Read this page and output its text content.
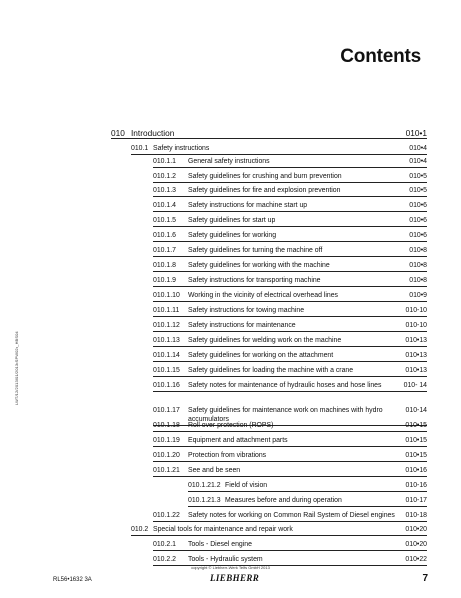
Contents
010 Introduction	010•1
010.1 Safety instructions	010•4
010.1.1 General safety instructions	010•4
010.1.2 Safety guidelines for crushing and burn prevention	010•5
010.1.3 Safety guidelines for fire and explosion prevention	010•5
010.1.4 Safety instructions for machine start up	010•6
010.1.5 Safety guidelines for start up	010•6
010.1.6 Safety guidelines for working	010•6
010.1.7 Safety guidelines for turning the machine off	010•8
010.1.8 Safety guidelines for working with the machine	010•8
010.1.9 Safety instructions for transporting machine	010•8
010.1.10 Working in the vicinity of electrical overhead lines	010•9
010.1.11 Safety instructions for towing machine	010-10
010.1.12 Safety instructions for maintenance	010-10
010.1.13 Safety guidelines for welding work on the machine	010•13
010.1.14 Safety guidelines for working on the attachment	010•13
010.1.15 Safety guidelines for loading the machine with a crane	010•13
010.1.16 Safety notes for maintenance of hydraulic hoses and hose lines	010- 14
010.1.17 Safety guidelines for maintenance work on machines with hydro	010-14
accumulators
010.1.18 Roll over protection (ROPS)	010•15
010.1.19 Equipment and attachment parts	010•15
010.1.20 Protection from vibrations	010•15
010.1.21 See and be seen	010•16
010.1.21.2 Field of vision	010-16
010.1.21.3 Measures before and during operation	010-17
010.1.22 Safety notes for working on Common Rail System of Diesel engines 010-18
010.2 Special tools for maintenance and repair work	010•20
010.2.1 Tools - Diesel engine	010•20
010.2.2 Tools - Hydraulic system	010•22
LWT/12/2013/01/2013•SPW02•_HBS04
copyright © Liebherr-Werk Telfs GmbH 2013
LIEBHERR
RL56•1632 3A	7
